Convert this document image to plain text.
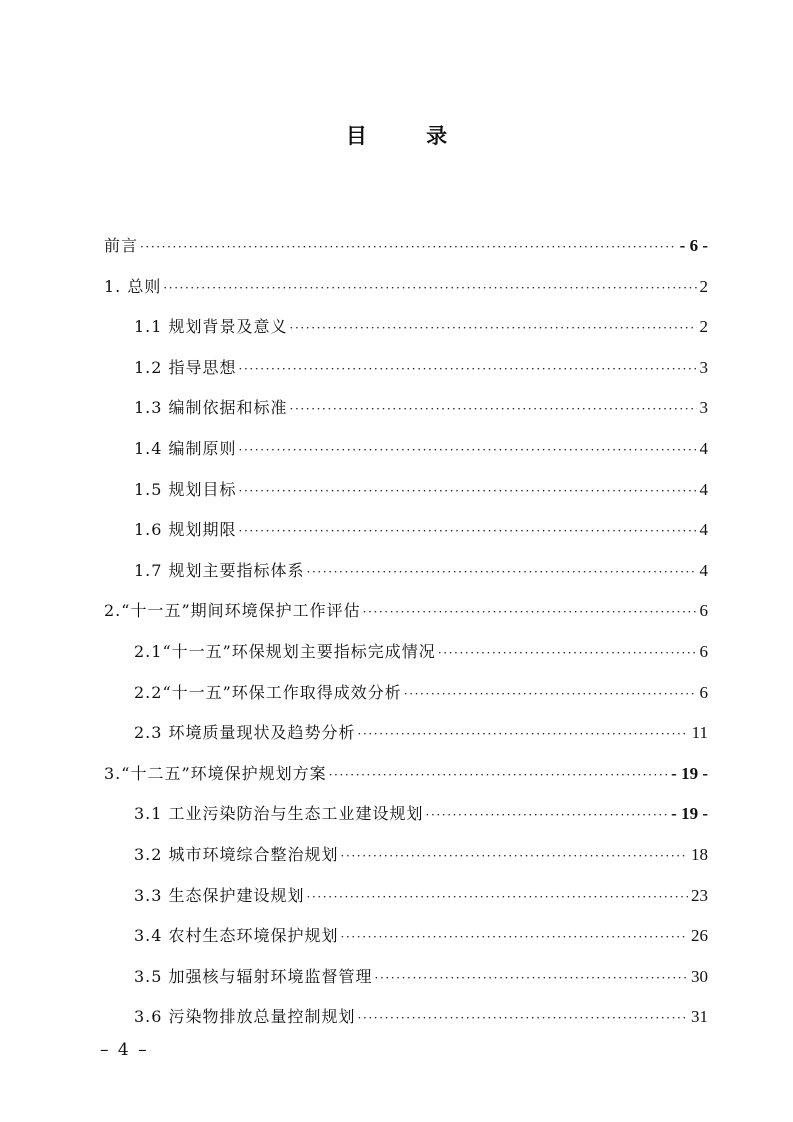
目 录
前言 ·····	- 6 -
1. 总则 ·····	2
1.1 规划背景及意义 ·····	2
1.2 指导思想 ·····	3
1.3 编制依据和标准 ·····	3
1.4 编制原则 ·····	4
1.5 规划目标 ·····	4
1.6 规划期限 ·····	4
1.7 规划主要指标体系 ·····	4
2.“十一五”期间环境保护工作评估 ·····	6
2.1“十一五”环保规划主要指标完成情况 ·····	6
2.2“十一五”环保工作取得成效分析 ·····	6
2.3 环境质量现状及趋势分析 ·····	11
3.“十二五”环境保护规划方案 ·····	- 19 -
3.1 工业污染防治与生态工业建设规划 ·····	- 19 -
3.2 城市环境综合整治规划 ·····	18
3.3 生态保护建设规划 ·····	23
3.4 农村生态环境保护规划 ·····	26
3.5 加强核与辐射环境监督管理 ·····	30
3.6 污染物排放总量控制规划 ·····	31
– 4 –
